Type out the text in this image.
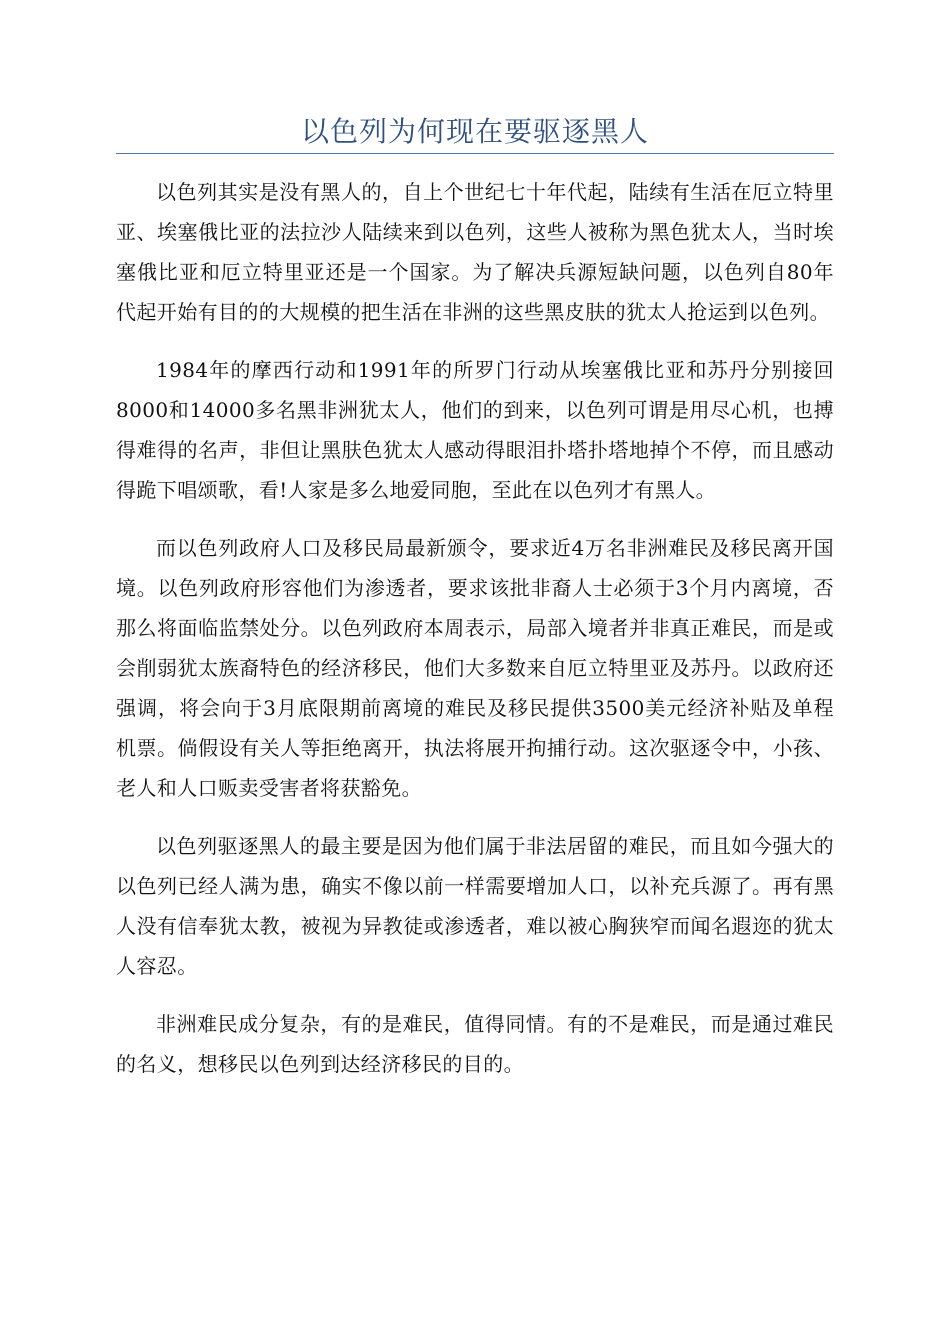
以色列为何现在要驱逐黑人

以色列其实是没有黑人的，自上个世纪七十年代起，陆续有生活在厄立特里亚、埃塞俄比亚的法拉沙人陆续来到以色列，这些人被称为黑色犹太人，当时埃塞俄比亚和厄立特里亚还是一个国家。为了解决兵源短缺问题，以色列自80年代起开始有目的的大规模的把生活在非洲的这些黑皮肤的犹太人抢运到以色列。

1984年的摩西行动和1991年的所罗门行动从埃塞俄比亚和苏丹分别接回8000和14000多名黑非洲犹太人，他们的到来，以色列可谓是用尽心机，也搏得难得的名声，非但让黑肤色犹太人感动得眼泪扑塔扑塔地掉个不停，而且感动得跪下唱颂歌，看!人家是多么地爱同胞，至此在以色列才有黑人。

而以色列政府人口及移民局最新颁令，要求近4万名非洲难民及移民离开国境。以色列政府形容他们为渗透者，要求该批非裔人士必须于3个月内离境，否那么将面临监禁处分。以色列政府本周表示，局部入境者并非真正难民，而是或会削弱犹太族裔特色的经济移民，他们大多数来自厄立特里亚及苏丹。以政府还强调，将会向于3月底限期前离境的难民及移民提供3500美元经济补贴及单程机票。倘假设有关人等拒绝离开，执法将展开拘捕行动。这次驱逐令中，小孩、老人和人口贩卖受害者将获豁免。

以色列驱逐黑人的最主要是因为他们属于非法居留的难民，而且如今强大的以色列已经人满为患，确实不像以前一样需要增加人口，以补充兵源了。再有黑人没有信奉犹太教，被视为异教徒或渗透者，难以被心胸狭窄而闻名遐迩的犹太人容忍。

非洲难民成分复杂，有的是难民，值得同情。有的不是难民，而是通过难民的名义，想移民以色列到达经济移民的目的。
